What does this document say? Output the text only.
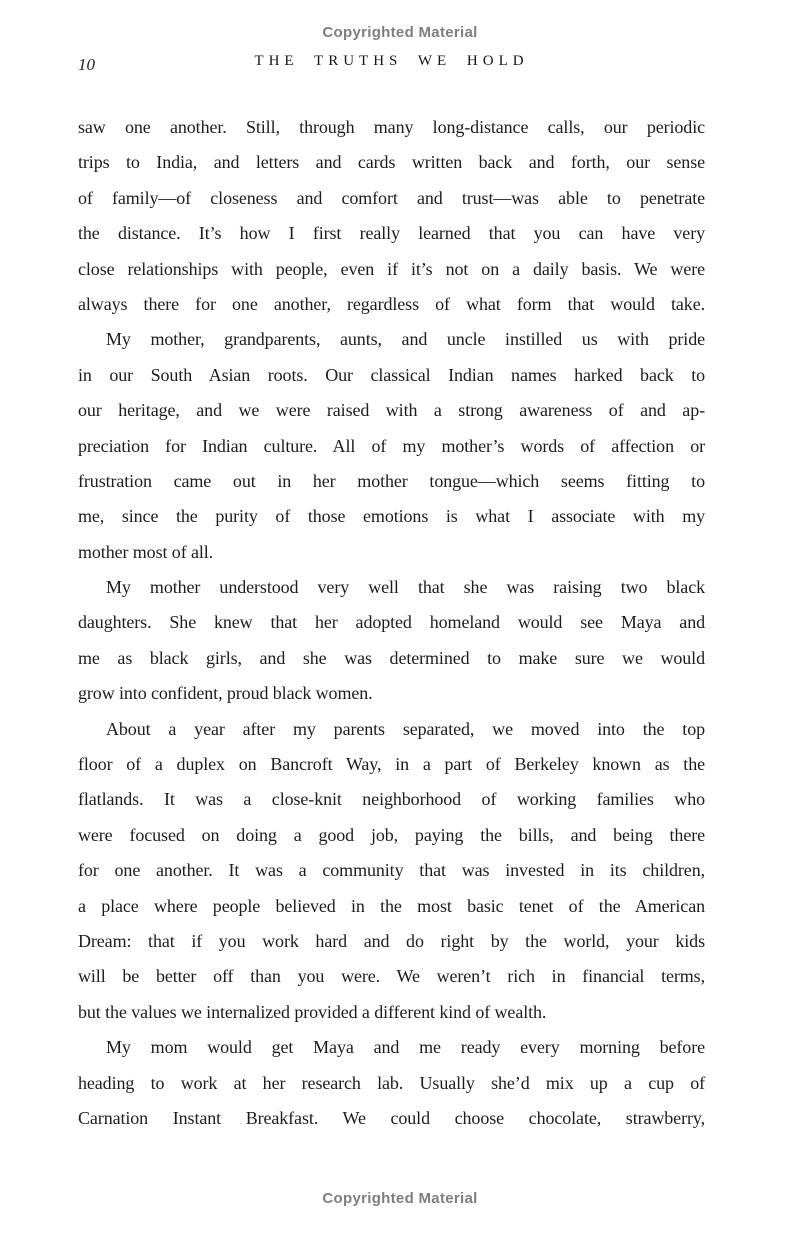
Copyrighted Material
10	THE TRUTHS WE HOLD
saw one another. Still, through many long-distance calls, our periodic
trips to India, and letters and cards written back and forth, our sense
of family—of closeness and comfort and trust—was able to penetrate
the distance. It’s how I first really learned that you can have very
close relationships with people, even if it’s not on a daily basis. We were
always there for one another, regardless of what form that would take.
My mother, grandparents, aunts, and uncle instilled us with pride
in our South Asian roots. Our classical Indian names harked back to
our heritage, and we were raised with a strong awareness of and ap-
preciation for Indian culture. All of my mother’s words of affection or
frustration came out in her mother tongue—which seems fitting to
me, since the purity of those emotions is what I associate with my
mother most of all.
My mother understood very well that she was raising two black
daughters. She knew that her adopted homeland would see Maya and
me as black girls, and she was determined to make sure we would
grow into confident, proud black women.
About a year after my parents separated, we moved into the top
floor of a duplex on Bancroft Way, in a part of Berkeley known as the
flatlands. It was a close-knit neighborhood of working families who
were focused on doing a good job, paying the bills, and being there
for one another. It was a community that was invested in its children,
a place where people believed in the most basic tenet of the American
Dream: that if you work hard and do right by the world, your kids
will be better off than you were. We weren’t rich in financial terms,
but the values we internalized provided a different kind of wealth.
My mom would get Maya and me ready every morning before
heading to work at her research lab. Usually she’d mix up a cup of
Carnation Instant Breakfast. We could choose chocolate, strawberry,
Copyrighted Material
